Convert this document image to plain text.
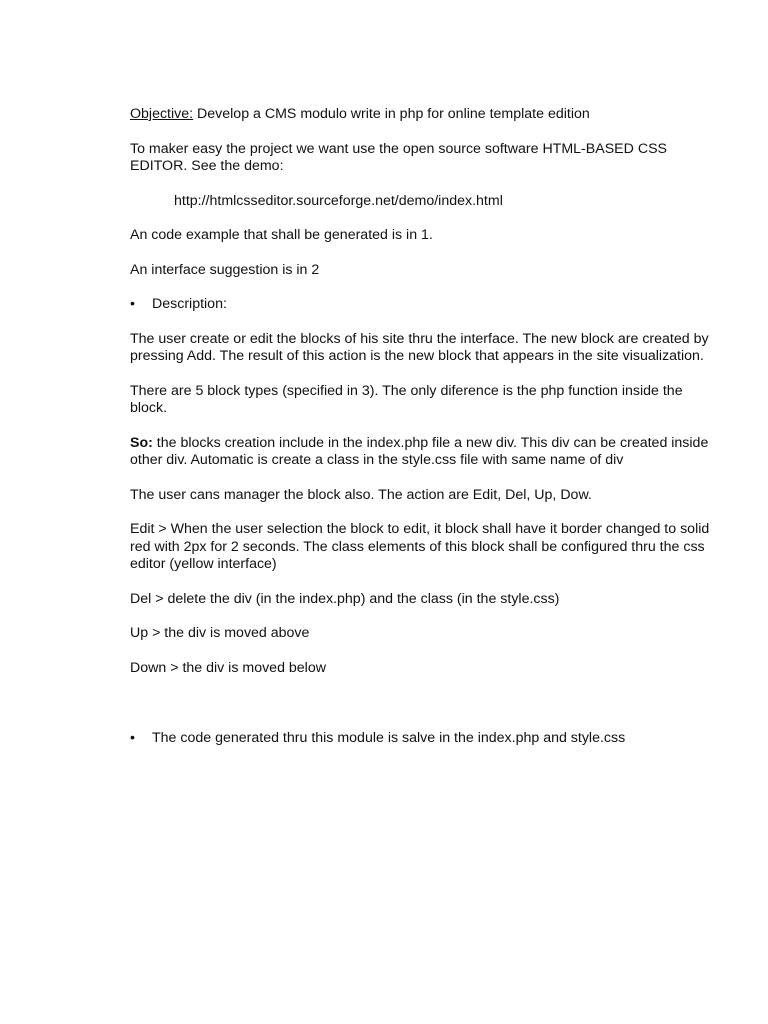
Objective: Develop a CMS modulo write in php for online template edition

To maker easy the project we want use the open source software HTML-BASED CSS EDITOR. See the demo:

http://htmlcsseditor.sourceforge.net/demo/index.html

An code example that shall be generated is in 1.

An interface suggestion is in 2

•	Description:

The user create or edit the blocks of his site thru the interface. The new block are created by pressing Add. The result of this action is the new block that appears in the site visualization.

There are 5 block types (specified in 3). The only diference is the php function inside the block.

So: the blocks creation include in the index.php file a new div. This div can be created inside other div. Automatic is create a class in the style.css file with same name of div

The user cans manager the block also. The action are Edit, Del, Up, Dow.

Edit > When the user selection the block to edit, it block shall have it border changed to solid red with 2px for 2 seconds. The class elements of this block shall be configured thru the css editor (yellow interface)

Del > delete the div (in the index.php) and the class (in the style.css)

Up > the div is moved above

Down > the div is moved below

•	The code generated thru this module is salve in the index.php and style.css
